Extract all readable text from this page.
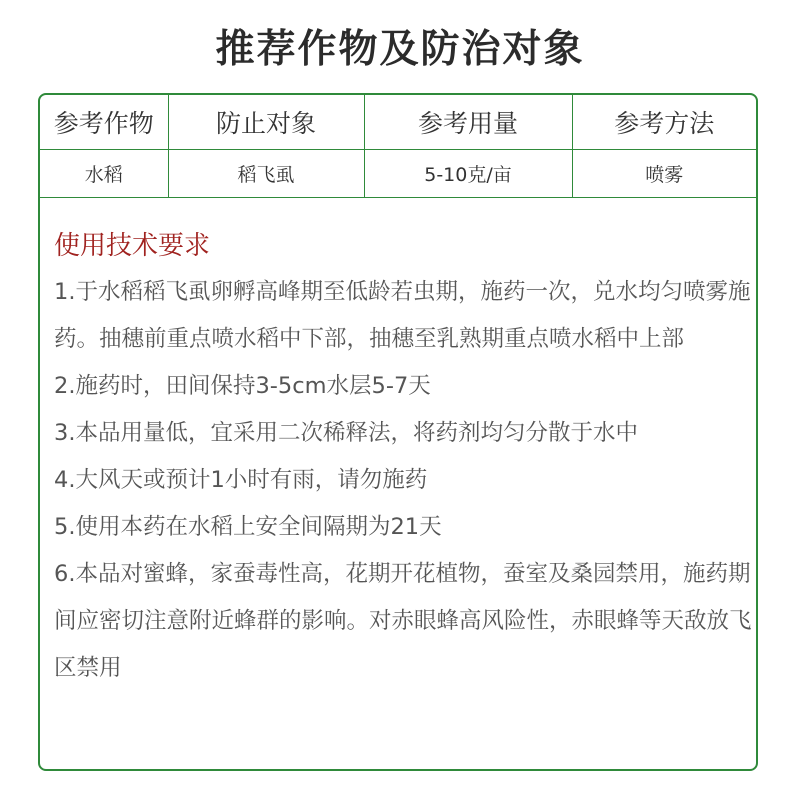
推荐作物及防治对象
参考作物	防止对象	参考用量	参考方法
水稻	稻飞虱	5-10克/亩	喷雾
使用技术要求
1.于水稻稻飞虱卵孵高峰期至低龄若虫期，施药一次，兑水均匀喷雾施药。抽穗前重点喷水稻中下部，抽穗至乳熟期重点喷水稻中上部
2.施药时，田间保持3-5cm水层5-7天
3.本品用量低，宜采用二次稀释法，将药剂均匀分散于水中
4.大风天或预计1小时有雨，请勿施药
5.使用本药在水稻上安全间隔期为21天
6.本品对蜜蜂，家蚕毒性高，花期开花植物，蚕室及桑园禁用，施药期间应密切注意附近蜂群的影响。对赤眼蜂高风险性，赤眼蜂等天敌放飞区禁用
